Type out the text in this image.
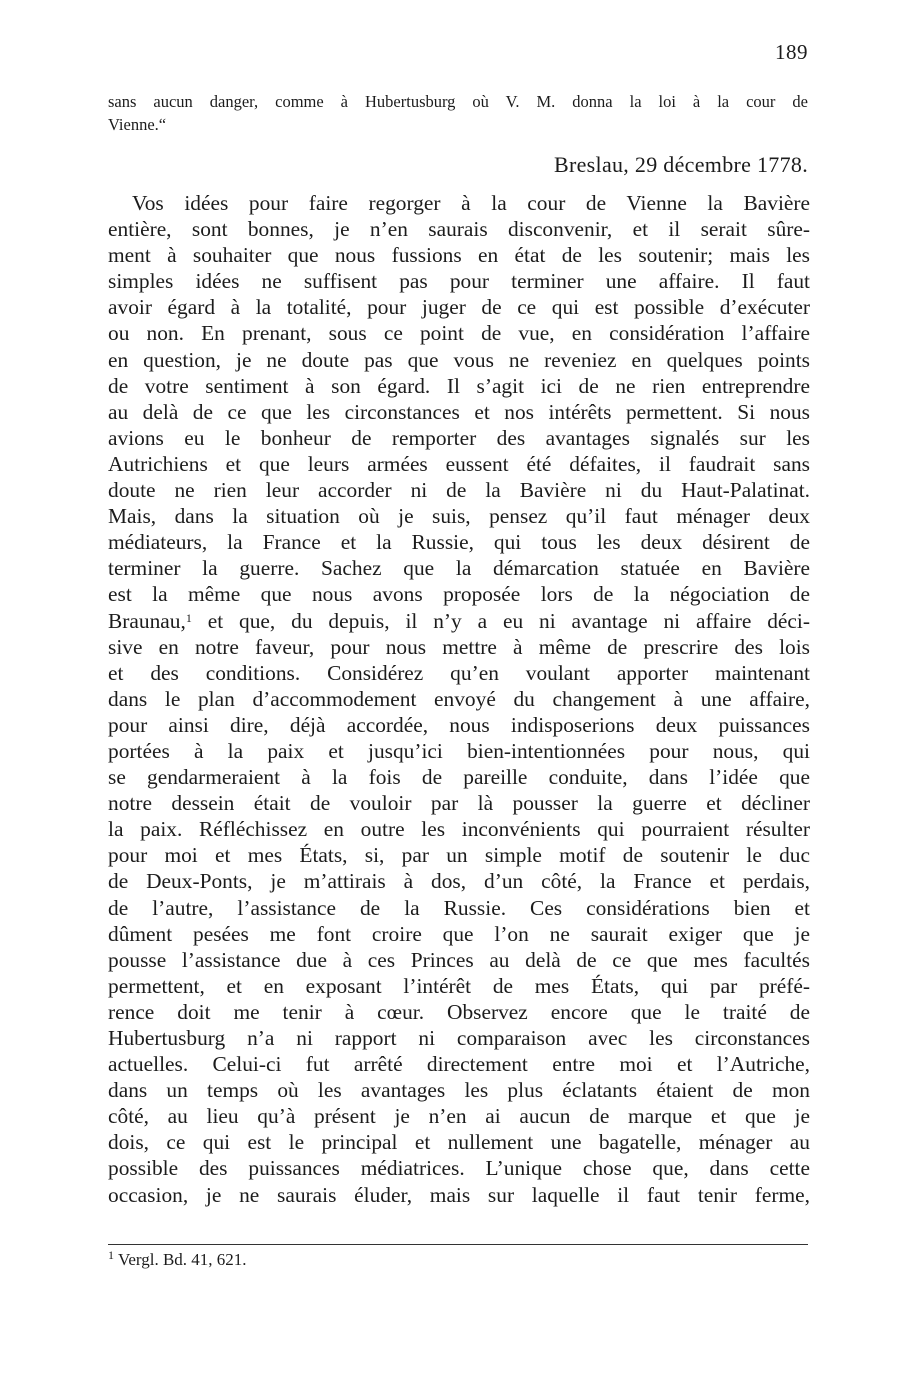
189
sans aucun danger, comme à Hubertusburg où V. M. donna la loi à la cour de
Vienne.“
Breslau, 29 décembre 1778.
Vos idées pour faire regorger à la cour de Vienne la Bavière
entière, sont bonnes, je n’en saurais disconvenir, et il serait sûre-
ment à souhaiter que nous fussions en état de les soutenir; mais les
simples idées ne suffisent pas pour terminer une affaire. Il faut
avoir égard à la totalité, pour juger de ce qui est possible d’exécuter
ou non. En prenant, sous ce point de vue, en considération l’affaire
en question, je ne doute pas que vous ne reveniez en quelques points
de votre sentiment à son égard. Il s’agit ici de ne rien entreprendre
au delà de ce que les circonstances et nos intérêts permettent. Si nous
avions eu le bonheur de remporter des avantages signalés sur les
Autrichiens et que leurs armées eussent été défaites, il faudrait sans
doute ne rien leur accorder ni de la Bavière ni du Haut-Palatinat.
Mais, dans la situation où je suis, pensez qu’il faut ménager deux
médiateurs, la France et la Russie, qui tous les deux désirent de
terminer la guerre. Sachez que la démarcation statuée en Bavière
est la même que nous avons proposée lors de la négociation de
Braunau,$^1$ et que, du depuis, il n’y a eu ni avantage ni affaire déci-
sive en notre faveur, pour nous mettre à même de prescrire des lois
et des conditions. Considérez qu’en voulant apporter maintenant
dans le plan d’accommodement envoyé du changement à une affaire,
pour ainsi dire, déjà accordée, nous indisposerions deux puissances
portées à la paix et jusqu’ici bien-intentionnées pour nous, qui
se gendarmeraient à la fois de pareille conduite, dans l’idée que
notre dessein était de vouloir par là pousser la guerre et décliner
la paix. Réfléchissez en outre les inconvénients qui pourraient résulter
pour moi et mes États, si, par un simple motif de soutenir le duc
de Deux-Ponts, je m’attirais à dos, d’un côté, la France et perdais,
de l’autre, l’assistance de la Russie. Ces considérations bien et
dûment pesées me font croire que l’on ne saurait exiger que je
pousse l’assistance due à ces Princes au delà de ce que mes facultés
permettent, et en exposant l’intérêt de mes États, qui par préfé-
rence doit me tenir à cœur. Observez encore que le traité de
Hubertusburg n’a ni rapport ni comparaison avec les circonstances
actuelles. Celui-ci fut arrêté directement entre moi et l’Autriche,
dans un temps où les avantages les plus éclatants étaient de mon
côté, au lieu qu’à présent je n’en ai aucun de marque et que je
dois, ce qui est le principal et nullement une bagatelle, ménager au
possible des puissances médiatrices. L’unique chose que, dans cette
occasion, je ne saurais éluder, mais sur laquelle il faut tenir ferme,
$^1$ Vergl. Bd. 41, 621.
